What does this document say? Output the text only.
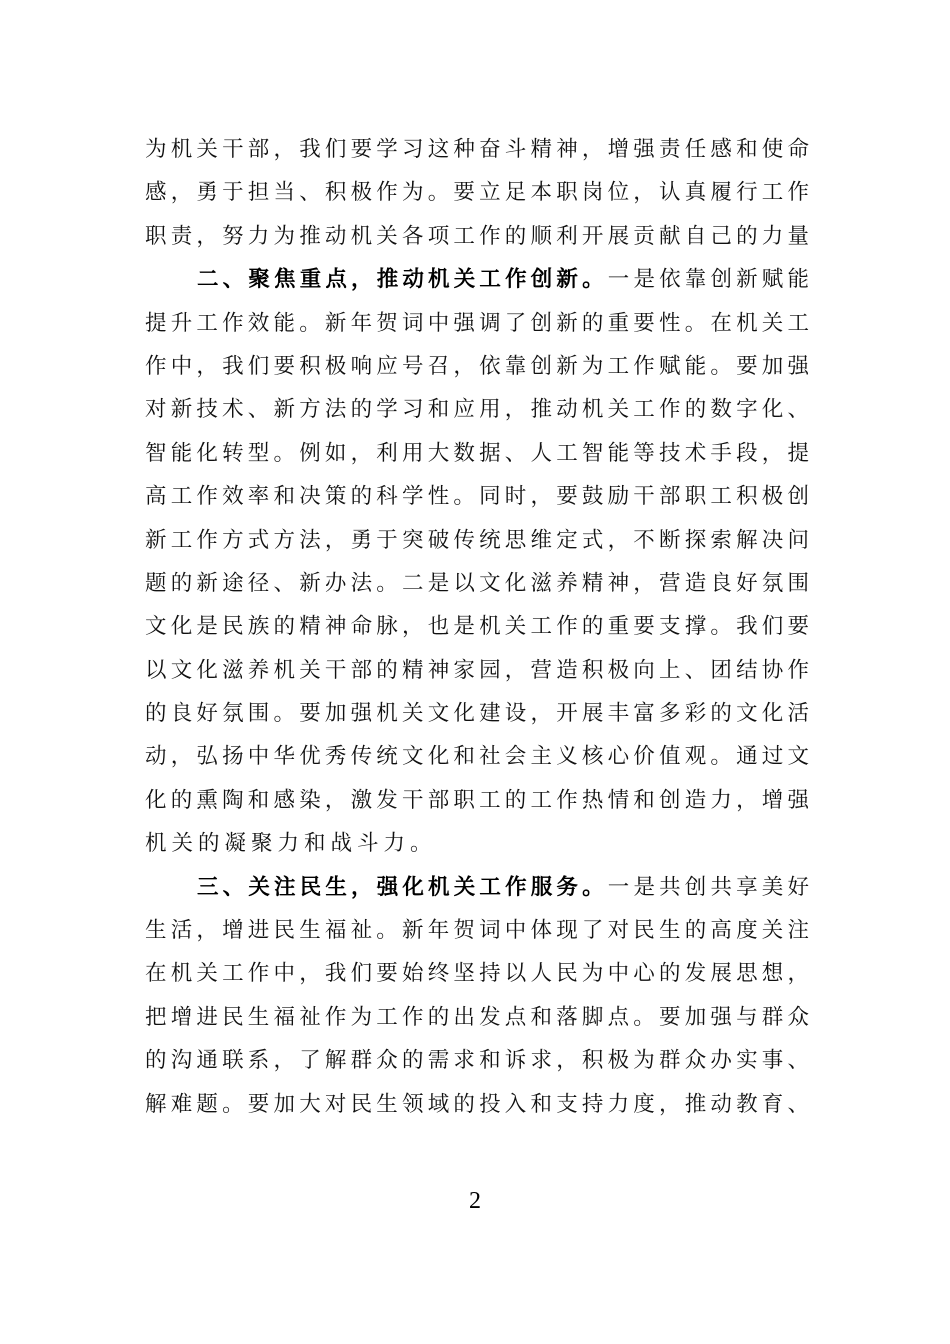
为机关干部，我们要学习这种奋斗精神，增强责任感和使命
感，勇于担当、积极作为。要立足本职岗位，认真履行工作
职责，努力为推动机关各项工作的顺利开展贡献自己的力量
二、聚焦重点，推动机关工作创新。一是依靠创新赋能
提升工作效能。新年贺词中强调了创新的重要性。在机关工
作中，我们要积极响应号召，依靠创新为工作赋能。要加强
对新技术、新方法的学习和应用，推动机关工作的数字化、
智能化转型。例如，利用大数据、人工智能等技术手段，提
高工作效率和决策的科学性。同时，要鼓励干部职工积极创
新工作方式方法，勇于突破传统思维定式，不断探索解决问
题的新途径、新办法。二是以文化滋养精神，营造良好氛围
文化是民族的精神命脉，也是机关工作的重要支撑。我们要
以文化滋养机关干部的精神家园，营造积极向上、团结协作
的良好氛围。要加强机关文化建设，开展丰富多彩的文化活
动，弘扬中华优秀传统文化和社会主义核心价值观。通过文
化的熏陶和感染，激发干部职工的工作热情和创造力，增强
机关的凝聚力和战斗力。
三、关注民生，强化机关工作服务。一是共创共享美好
生活，增进民生福祉。新年贺词中体现了对民生的高度关注
在机关工作中，我们要始终坚持以人民为中心的发展思想，
把增进民生福祉作为工作的出发点和落脚点。要加强与群众
的沟通联系，了解群众的需求和诉求，积极为群众办实事、
解难题。要加大对民生领域的投入和支持力度，推动教育、
2
